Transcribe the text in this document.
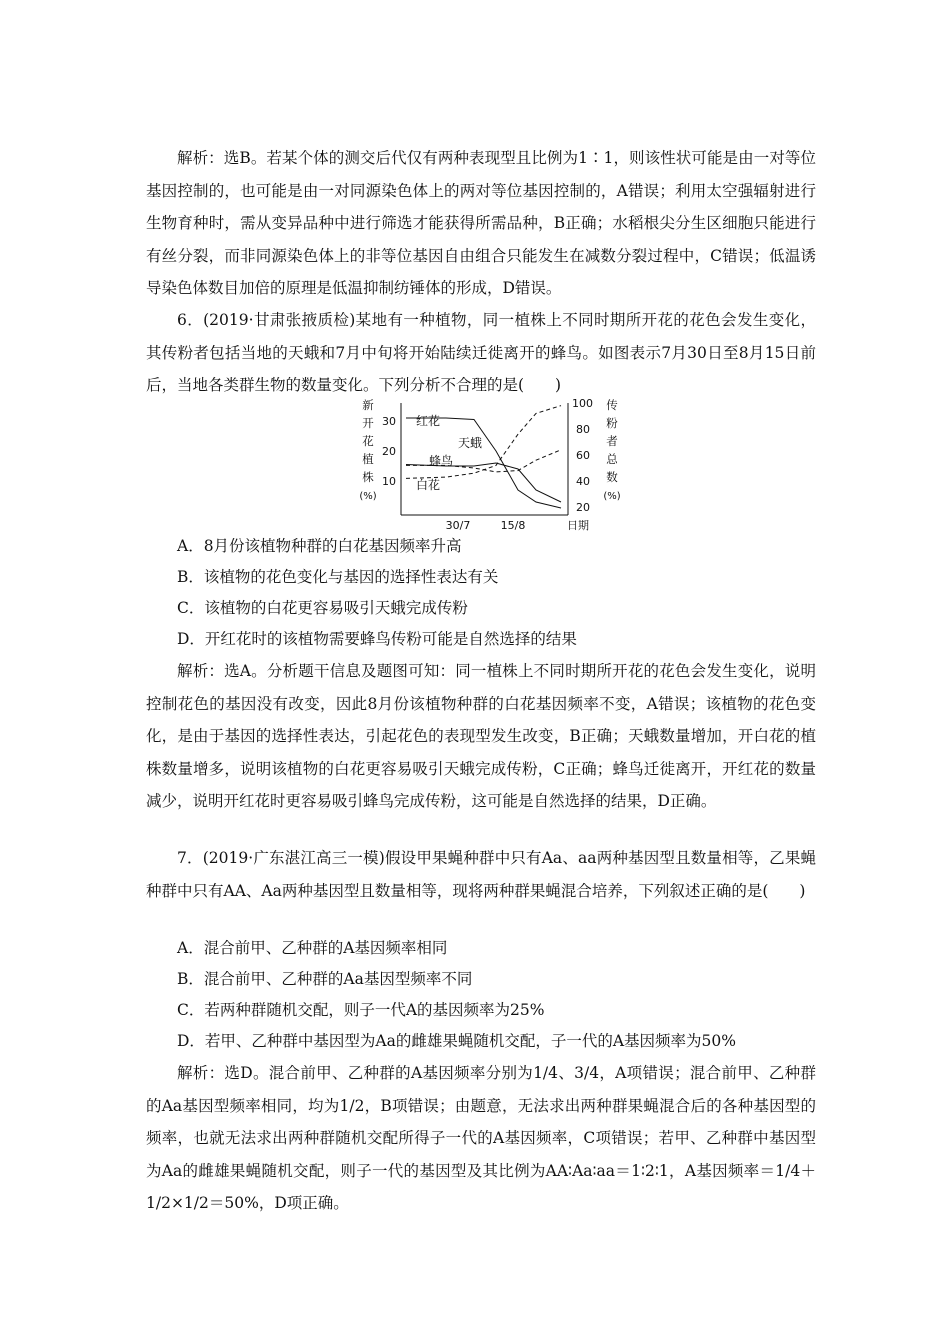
解析：选B。若某个体的测交后代仅有两种表现型且比例为1∶1，则该性状可能是由一对等位基因控制的，也可能是由一对同源染色体上的两对等位基因控制的，A错误；利用太空强辐射进行生物育种时，需从变异品种中进行筛选才能获得所需品种，B正确；水稻根尖分生区细胞只能进行有丝分裂，而非同源染色体上的非等位基因自由组合只能发生在减数分裂过程中，C错误；低温诱导染色体数目加倍的原理是低温抑制纺锤体的形成，D错误。

6．(2019·甘肃张掖质检)某地有一种植物，同一植株上不同时期所开花的花色会发生变化，其传粉者包括当地的天蛾和7月中旬将开始陆续迁徙离开的蜂鸟。如图表示7月30日至8月15日前后，当地各类群生物的数量变化。下列分析不合理的是(　　)

新
开
花
植
株
(%)
30
20
10
100
80
60
40
20
传
粉
者
总
数
(%)
30/7	15/8	日期
红花
白花
天蛾
蜂鸟

A．8月份该植物种群的白花基因频率升高

B．该植物的花色变化与基因的选择性表达有关

C．该植物的白花更容易吸引天蛾完成传粉

D．开红花时的该植物需要蜂鸟传粉可能是自然选择的结果

解析：选A。分析题干信息及题图可知：同一植株上不同时期所开花的花色会发生变化，说明控制花色的基因没有改变，因此8月份该植物种群的白花基因频率不变，A错误；该植物的花色变化，是由于基因的选择性表达，引起花色的表现型发生改变，B正确；天蛾数量增加，开白花的植株数量增多，说明该植物的白花更容易吸引天蛾完成传粉，C正确；蜂鸟迁徙离开，开红花的数量减少，说明开红花时更容易吸引蜂鸟完成传粉，这可能是自然选择的结果，D正确。

7．(2019·广东湛江高三一模)假设甲果蝇种群中只有Aa、aa两种基因型且数量相等，乙果蝇种群中只有AA、Aa两种基因型且数量相等，现将两种群果蝇混合培养，下列叙述正确的是(　　)

A．混合前甲、乙种群的A基因频率相同

B．混合前甲、乙种群的Aa基因型频率不同

C．若两种群随机交配，则子一代A的基因频率为25%

D．若甲、乙种群中基因型为Aa的雌雄果蝇随机交配，子一代的A基因频率为50%

解析：选D。混合前甲、乙种群的A基因频率分别为1/4、3/4，A项错误；混合前甲、乙种群的Aa基因型频率相同，均为1/2，B项错误；由题意，无法求出两种群果蝇混合后的各种基因型的频率，也就无法求出两种群随机交配所得子一代的A基因频率，C项错误；若甲、乙种群中基因型为Aa的雌雄果蝇随机交配，则子一代的基因型及其比例为AA∶Aa∶aa＝1∶2∶1，A基因频率＝1/4＋1/2×1/2＝50%，D项正确。
